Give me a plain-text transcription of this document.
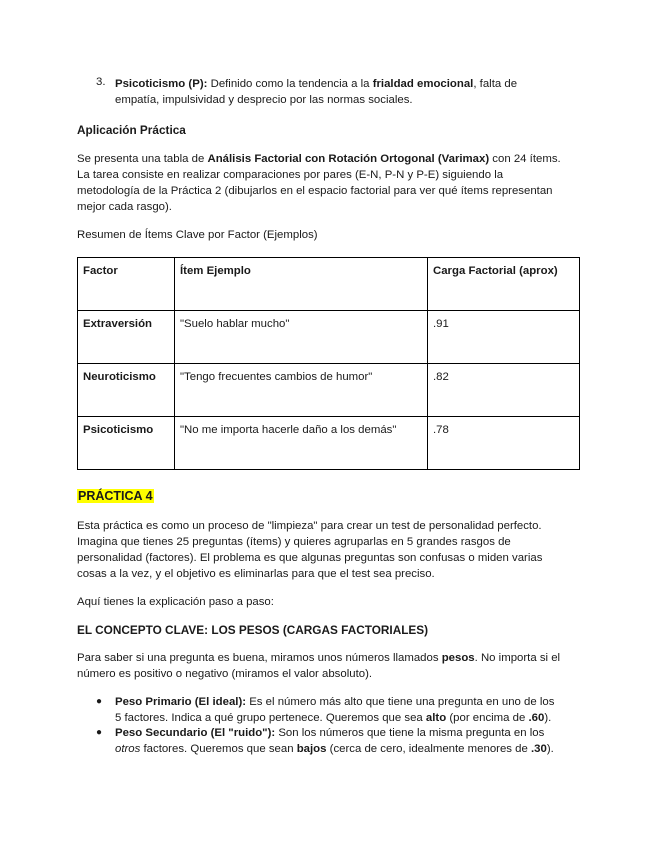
3. Psicoticismo (P): Definido como la tendencia a la frialdad emocional, falta de
empatía, impulsividad y desprecio por las normas sociales.
Aplicación Práctica
Se presenta una tabla de Análisis Factorial con Rotación Ortogonal (Varimax) con 24 ítems.
La tarea consiste en realizar comparaciones por pares (E-N, P-N y P-E) siguiendo la
metodología de la Práctica 2 (dibujarlos en el espacio factorial para ver qué ítems representan
mejor cada rasgo).
Resumen de Ítems Clave por Factor (Ejemplos)
Factor	Ítem Ejemplo	Carga Factorial (aprox)
Extraversión	"Suelo hablar mucho"	.91
Neuroticismo	"Tengo frecuentes cambios de humor"	.82
Psicoticismo	"No me importa hacerle daño a los demás"	.78
PRÁCTICA 4
Esta práctica es como un proceso de "limpieza" para crear un test de personalidad perfecto.
Imagina que tienes 25 preguntas (ítems) y quieres agruparlas en 5 grandes rasgos de
personalidad (factores). El problema es que algunas preguntas son confusas o miden varias
cosas a la vez, y el objetivo es eliminarlas para que el test sea preciso.
Aquí tienes la explicación paso a paso:
EL CONCEPTO CLAVE: LOS PESOS (CARGAS FACTORIALES)
Para saber si una pregunta es buena, miramos unos números llamados pesos. No importa si el
número es positivo o negativo (miramos el valor absoluto).
● Peso Primario (El ideal): Es el número más alto que tiene una pregunta en uno de los
5 factores. Indica a qué grupo pertenece. Queremos que sea alto (por encima de .60).
● Peso Secundario (El "ruido"): Son los números que tiene la misma pregunta en los
otros factores. Queremos que sean bajos (cerca de cero, idealmente menores de .30).
